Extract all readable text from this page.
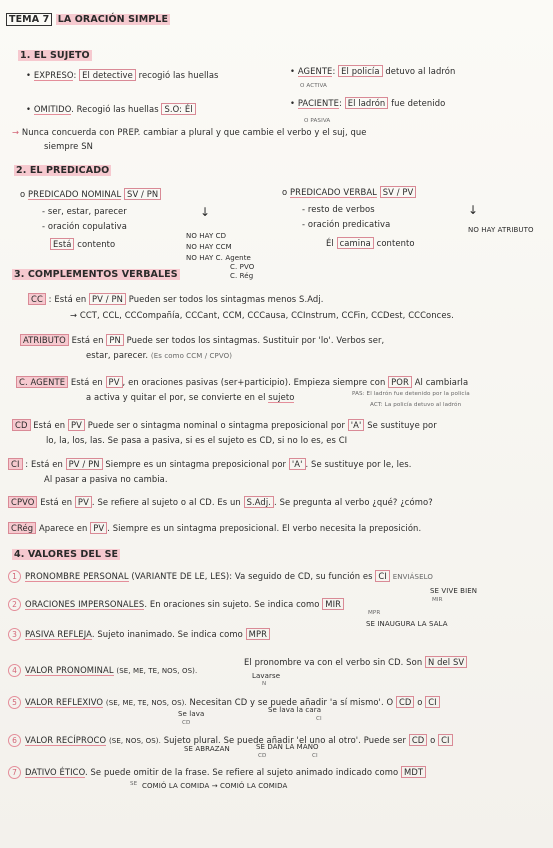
TEMA 7 LA ORACIÓN SIMPLE
1. EL SUJETO
• EXPRESO: El detective recogió las huellas	• AGENTE: El policía detuvo al ladrón
O ACTIVA
• OMITIDO. Recogió las huellas S.O: Él
• PACIENTE: El ladrón fue detenido
O PASIVA
→ Nunca concuerda con PREP. cambiar a plural y que cambie el verbo y el suj, que
siempre SN
2. EL PREDICADO
o PREDICADO NOMINAL SV / PN
- ser, estar, parecer
- oración copulativa
Está contento
↓
NO HAY CD
NO HAY CCM
NO HAY C. Agente
C. PVO
C. Rég
o PREDICADO VERBAL SV / PV
- resto de verbos
- oración predicativa
Él camina contento
↓
NO HAY ATRIBUTO
3. COMPLEMENTOS VERBALES
CC : Está en PV / PN Pueden ser todos los sintagmas menos S.Adj.
→ CCT, CCL, CCCompañía, CCCant, CCM, CCCausa, CCInstrum, CCFin, CCDest, CCConces.
ATRIBUTO Está en PN Puede ser todos los sintagmas. Sustituir por 'lo'. Verbos ser,
estar, parecer. (Es como CCM / CPVO)
C. AGENTE Está en PV , en oraciones pasivas (ser+participio). Empieza siempre con POR Al cambiarla
a activa y quitar el por, se convierte en el sujeto	PAS: El ladrón fue detenido por la policía
ACT: La policía detuvo al ladrón
CD Está en PV Puede ser o sintagma nominal o sintagma preposicional por 'A' Se sustituye por
lo, la, los, las. Se pasa a pasiva, si es el sujeto es CD, si no lo es, es CI
CI : Está en PV / PN Siempre es un sintagma preposicional por 'A' . Se sustituye por le, les.
Al pasar a pasiva no cambia.
CPVO Está en PV . Se refiere al sujeto o al CD. Es un S.Adj. . Se pregunta al verbo ¿qué? ¿cómo?
CRég Aparece en PV . Siempre es un sintagma preposicional. El verbo necesita la preposición.
4. VALORES DEL SE
1 PRONOMBRE PERSONAL (VARIANTE DE LE, LES): Va seguido de CD, su función es CI ENVIÁSELO
2 ORACIONES IMPERSONALES. En oraciones sin sujeto. Se indica como MIR
SE VIVE BIEN
MIR
3 PASIVA REFLEJA. Sujeto inanimado. Se indica como MPR
MPR
SE INAUGURA LA SALA
4 VALOR PRONOMINAL (SE, ME, TE, NOS, OS).
El pronombre va con el verbo sin CD. Son N del SV
Lavarse
N
5 VALOR REFLEXIVO (SE, ME, TE, NOS, OS). Necesitan CD y se puede añadir 'a sí mismo'. O CD o CI
Se lava
CD
Se lava la cara
CI
6 VALOR RECÍPROCO (SE, NOS, OS). Sujeto plural. Se puede añadir 'el uno al otro'. Puede ser CD o CI
SE ABRAZAN
CD
SE DAN LA MANO
CI
7 DATIVO ÉTICO. Se puede omitir de la frase. Se refiere al sujeto animado indicado como MDT
SE COMIÓ LA COMIDA → COMIÓ LA COMIDA
